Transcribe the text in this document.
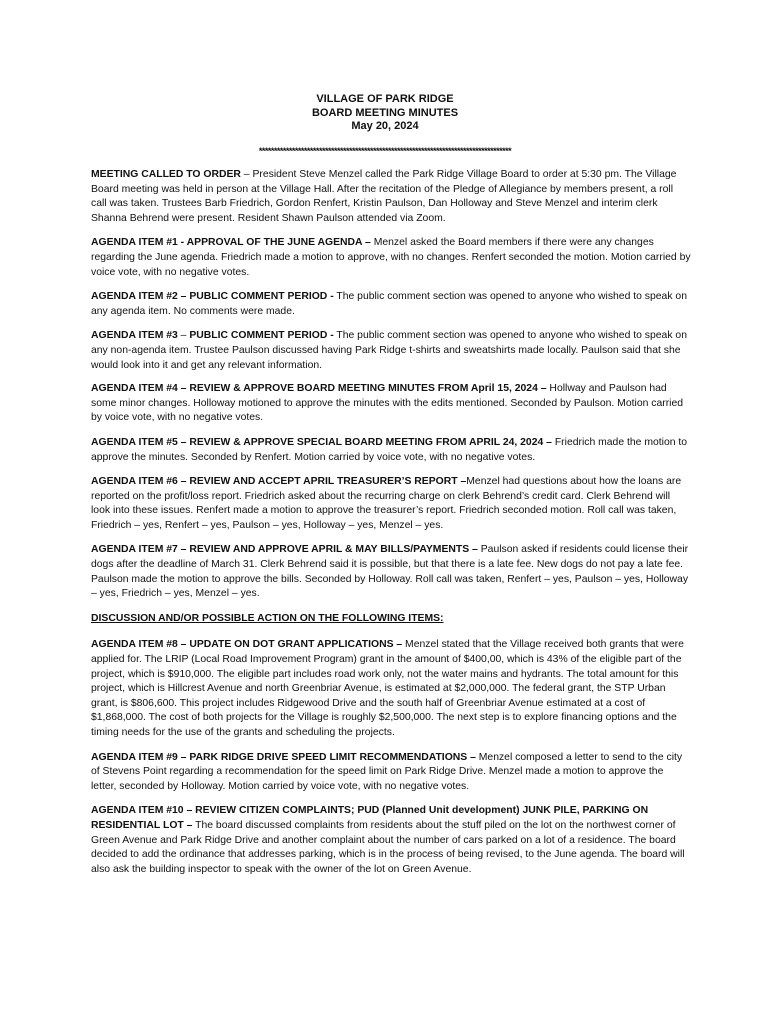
VILLAGE OF PARK RIDGE
BOARD MEETING MINUTES
May 20, 2024
************************************************************************************

MEETING CALLED TO ORDER – President Steve Menzel called the Park Ridge Village Board to order at 5:30 pm. The Village Board meeting was held in person at the Village Hall. After the recitation of the Pledge of Allegiance by members present, a roll call was taken. Trustees Barb Friedrich, Gordon Renfert, Kristin Paulson, Dan Holloway and Steve Menzel and interim clerk Shanna Behrend were present. Resident Shawn Paulson attended via Zoom.

AGENDA ITEM #1 - APPROVAL OF THE JUNE AGENDA – Menzel asked the Board members if there were any changes regarding the June agenda. Friedrich made a motion to approve, with no changes. Renfert seconded the motion. Motion carried by voice vote, with no negative votes.

AGENDA ITEM #2 – PUBLIC COMMENT PERIOD - The public comment section was opened to anyone who wished to speak on any agenda item. No comments were made.

AGENDA ITEM #3 – PUBLIC COMMENT PERIOD - The public comment section was opened to anyone who wished to speak on any non-agenda item. Trustee Paulson discussed having Park Ridge t-shirts and sweatshirts made locally. Paulson said that she would look into it and get any relevant information.

AGENDA ITEM #4 – REVIEW & APPROVE BOARD MEETING MINUTES FROM April 15, 2024 – Hollway and Paulson had some minor changes. Holloway motioned to approve the minutes with the edits mentioned. Seconded by Paulson. Motion carried by voice vote, with no negative votes.

AGENDA ITEM #5 – REVIEW & APPROVE SPECIAL BOARD MEETING FROM APRIL 24, 2024 – Friedrich made the motion to approve the minutes. Seconded by Renfert. Motion carried by voice vote, with no negative votes.

AGENDA ITEM #6 – REVIEW AND ACCEPT APRIL TREASURER’S REPORT –Menzel had questions about how the loans are reported on the profit/loss report. Friedrich asked about the recurring charge on clerk Behrend’s credit card. Clerk Behrend will look into these issues. Renfert made a motion to approve the treasurer’s report. Friedrich seconded motion. Roll call was taken, Friedrich – yes, Renfert – yes, Paulson – yes, Holloway – yes, Menzel – yes.

AGENDA ITEM #7 – REVIEW AND APPROVE APRIL & MAY BILLS/PAYMENTS – Paulson asked if residents could license their dogs after the deadline of March 31. Clerk Behrend said it is possible, but that there is a late fee. New dogs do not pay a late fee. Paulson made the motion to approve the bills. Seconded by Holloway. Roll call was taken, Renfert – yes, Paulson – yes, Holloway – yes, Friedrich – yes, Menzel – yes.

DISCUSSION AND/OR POSSIBLE ACTION ON THE FOLLOWING ITEMS:

AGENDA ITEM #8 – UPDATE ON DOT GRANT APPLICATIONS – Menzel stated that the Village received both grants that were applied for. The LRIP (Local Road Improvement Program) grant in the amount of $400,00, which is 43% of the eligible part of the project, which is $910,000. The eligible part includes road work only, not the water mains and hydrants. The total amount for this project, which is Hillcrest Avenue and north Greenbriar Avenue, is estimated at $2,000,000. The federal grant, the STP Urban grant, is $806,600. This project includes Ridgewood Drive and the south half of Greenbriar Avenue estimated at a cost of $1,868,000. The cost of both projects for the Village is roughly $2,500,000. The next step is to explore financing options and the timing needs for the use of the grants and scheduling the projects.

AGENDA ITEM #9 – PARK RIDGE DRIVE SPEED LIMIT RECOMMENDATIONS – Menzel composed a letter to send to the city of Stevens Point regarding a recommendation for the speed limit on Park Ridge Drive. Menzel made a motion to approve the letter, seconded by Holloway. Motion carried by voice vote, with no negative votes.

AGENDA ITEM #10 – REVIEW CITIZEN COMPLAINTS; PUD (Planned Unit development) JUNK PILE, PARKING ON RESIDENTIAL LOT – The board discussed complaints from residents about the stuff piled on the lot on the northwest corner of Green Avenue and Park Ridge Drive and another complaint about the number of cars parked on a lot of a residence. The board decided to add the ordinance that addresses parking, which is in the process of being revised, to the June agenda. The board will also ask the building inspector to speak with the owner of the lot on Green Avenue.
